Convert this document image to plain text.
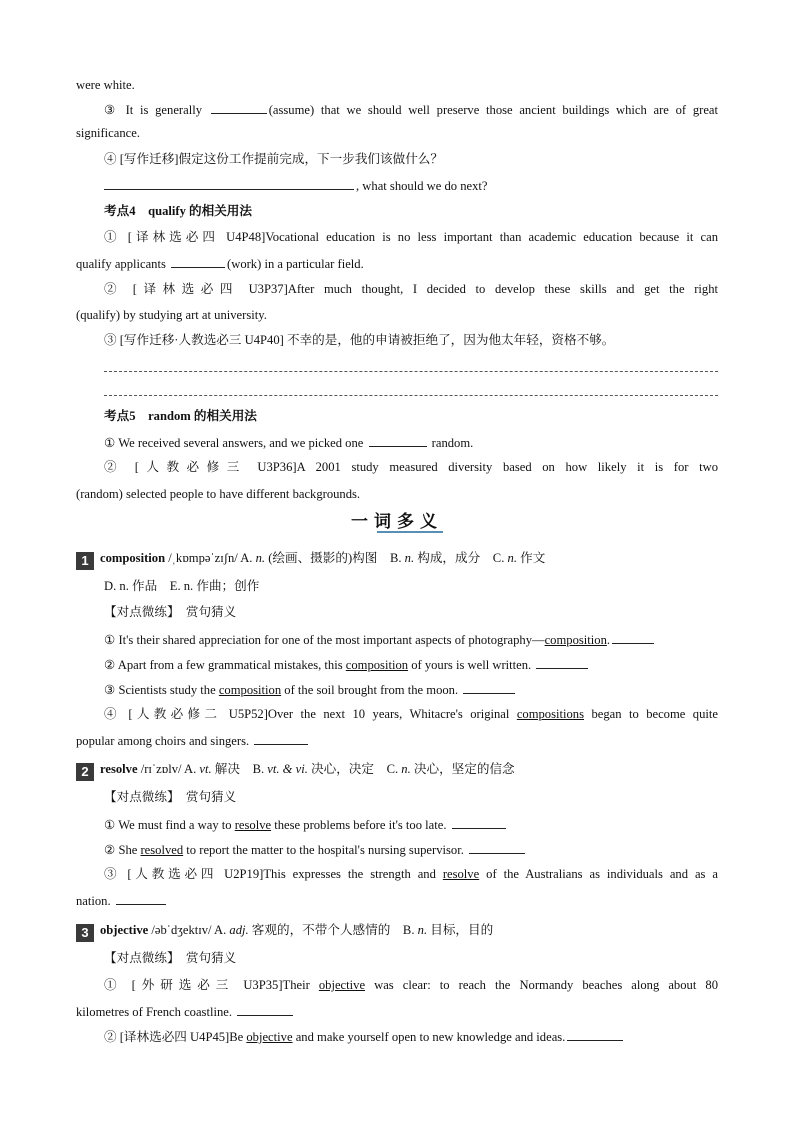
were white.
③ It is generally	(assume) that we should well preserve those ancient buildings which are of great
significance.
④ [写作迁移]假定这份工作提前完成，下一步我们该做什么？
, what should we do next?
考点4　qualify 的相关用法
① [译林选必四 U4P48]Vocational education is no less important than academic education because it can
qualify applicants	(work) in a particular field.
② [译林选必四 U3P37]After much thought, I decided to develop these skills and get the right
(qualify) by studying art at university.
③ [写作迁移·人教选必三 U4P40] 不幸的是，他的申请被拒绝了，因为他太年轻，资格不够。
考点5　random 的相关用法
① We received several answers, and we picked one	random.
② [人教必修三 U3P36]A 2001 study measured diversity based on how likely it is for two
(random) selected people to have different backgrounds.
一词多义
1 composition /ˌkɒmpəˈzɪʃn/ A. n. (绘画、摄影的)构图　B. n. 构成，成分　C. n. 作文
D. n. 作品　E. n. 作曲；创作
【对点微练】　赏句猜义
① It's their shared appreciation for one of the most important aspects of photography—composition.
② Apart from a few grammatical mistakes, this composition of yours is well written.
③ Scientists study the composition of the soil brought from the moon.
④ [人教必修二 U5P52]Over the next 10 years, Whitacre's original compositions began to become quite
popular among choirs and singers.
2 resolve /rɪˈzɒlv/ A. vt. 解决　B. vt. & vi. 决心，决定　C. n. 决心，坚定的信念
【对点微练】　赏句猜义
① We must find a way to resolve these problems before it's too late.
② She resolved to report the matter to the hospital's nursing supervisor.
③ [人教选必四 U2P19]This expresses the strength and resolve of the Australians as individuals and as a
nation.
3 objective /əbˈdʒektɪv/ A. adj. 客观的，不带个人感情的　B. n. 目标，目的
【对点微练】　赏句猜义
① [外研选必三 U3P35]Their objective was clear: to reach the Normandy beaches along about 80
kilometres of French coastline.
② [译林选必四 U4P45]Be objective and make yourself open to new knowledge and ideas.
